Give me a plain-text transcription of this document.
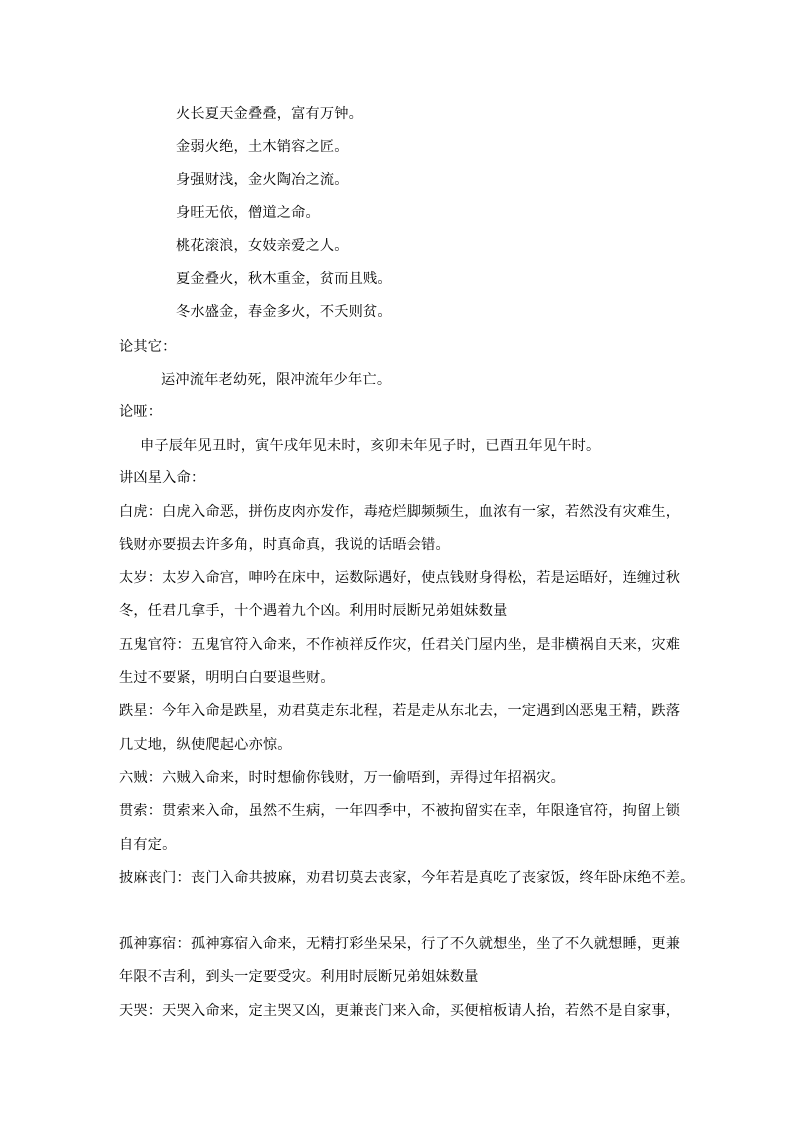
火长夏天金叠叠，富有万钟。
金弱火绝，土木销容之匠。
身强财浅，金火陶冶之流。
身旺无依，僧道之命。
桃花滚浪，女妓亲爱之人。
夏金叠火，秋木重金，贫而且贱。
冬水盛金，春金多火，不夭则贫。
论其它：
运冲流年老幼死，限冲流年少年亡。
论哑：
申子辰年见丑时，寅午戌年见未时，亥卯未年见子时，已酉丑年见午时。
讲凶星入命：
白虎：白虎入命恶，拼伤皮肉亦发作，毒疮烂脚频频生，血浓有一家，若然没有灾难生，
钱财亦要损去许多角，时真命真，我说的话晤会错。
太岁：太岁入命宫，呻吟在床中，运数际遇好，使点钱财身得松，若是运晤好，连缠过秋
冬，任君几拿手，十个遇着九个凶。利用时辰断兄弟姐妹数量
五鬼官符：五鬼官符入命来，不作祯祥反作灾，任君关门屋内坐，是非横祸自天来，灾难
生过不要紧，明明白白要退些财。
跌星：今年入命是跌星，劝君莫走东北程，若是走从东北去，一定遇到凶恶鬼王精，跌落
几丈地，纵使爬起心亦惊。
六贼：六贼入命来，时时想偷你钱财，万一偷唔到，弄得过年招祸灾。
贯索：贯索来入命，虽然不生病，一年四季中，不被拘留实在幸，年限逢官符，拘留上锁
自有定。
披麻丧门：丧门入命共披麻，劝君切莫去丧家，今年若是真吃了丧家饭，终年卧床绝不差。
孤神寡宿：孤神寡宿入命来，无精打彩坐呆呆，行了不久就想坐，坐了不久就想睡，更兼
年限不吉利，到头一定要受灾。利用时辰断兄弟姐妹数量
天哭：天哭入命来，定主哭又凶，更兼丧门来入命，买便棺板请人抬，若然不是自家事，
